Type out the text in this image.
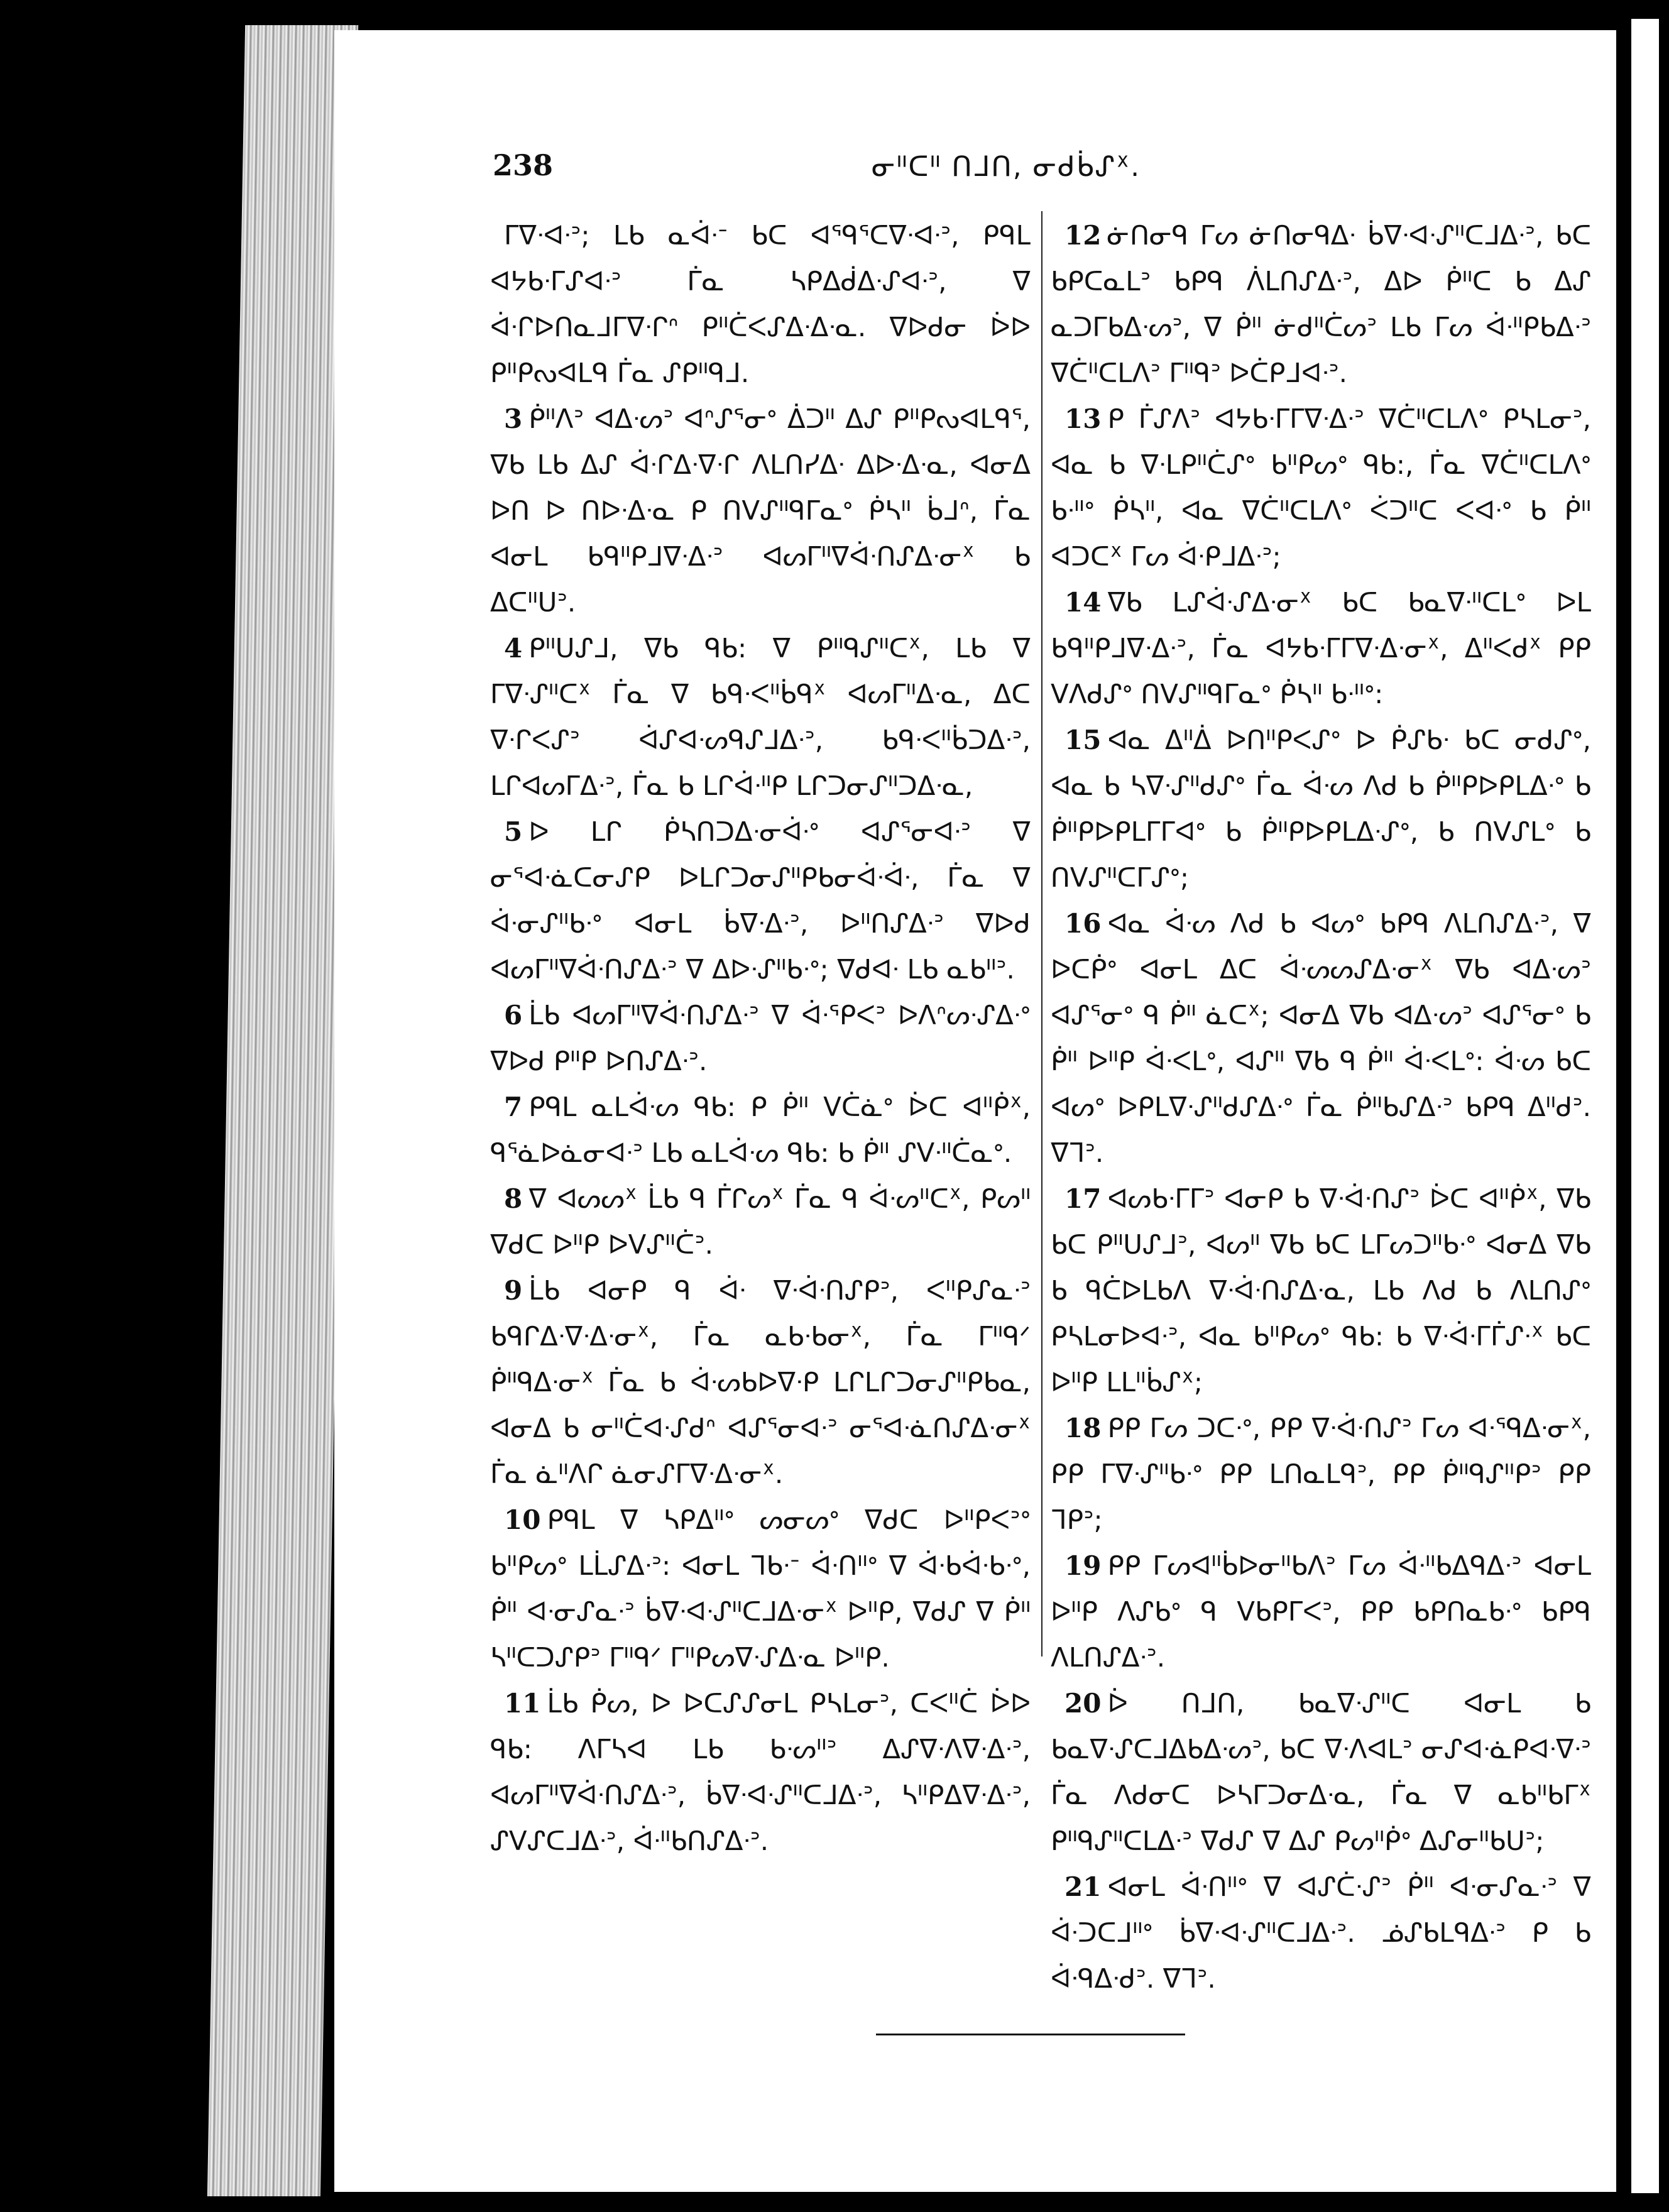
238	ᓂᐦᑕᐦ ᑎᒧᑎ, ᓂᑯᑳᔑᕽ.

ᒥᐁᐧᐊᐧᐣ; ᒪᑲ ᓇᐋᐧᐨ ᑲᑕ ᐊᕐᑫᕐᑕᐁᐧᐊᐧᐣ, ᑭᑫᒪ ᐊᔭᑲᐧᒥᔑᐊᐧᐣ ᒦᓇ ᓴᑭᐃᑰᐃᐧᔑᐊᐧᐣ, ᐁ ᐋᐧᒋᐅᑎᓇᒧᒥᐁᐧᒋᐢ ᑭᐦᑖᐸᔑᐃᐧᐃᐧᓇ. ᐁᐅᑯᓂ ᐆᐅ ᑭᐦᑭᔓᐊᒪᑫ ᒦᓇ ᔑᑭᐦᑫᒧ.

3 ᑮᐦᐱᐣ ᐊᐃᐧᔕᐣ ᐊᐢᔑᕐᓂᐤ ᐄᑐᐦ ᐃᔑ ᑭᐦᑭᔓᐊᒪᑫᕐ, ᐁᑲ ᒪᑲ ᐃᔑ ᐋᐧᒋᐃᐧᐁᐧᒋ ᐱᒪᑎᓯᐃᐧ ᐃᐅᐧᐃᐧᓇ, ᐊᓂᐃ ᐅᑎ ᐅ ᑎᐅᐧᐃᐧᓇ ᑭ ᑎᐯᔑᐦᑫᒥᓇᐤ ᑮᓴᐦ ᑳᒧᐢ, ᒦᓇ ᐊᓂᒪ ᑲᑫᐦᑭᒧᐁᐧᐃᐧᐣ ᐊᔕᒥᐦᐁᐋᐧᑎᔑᐃᐧᓂᕽ ᑲ ᐃᑕᐦᑌᐣ.

4 ᑭᐦᑌᔑᒧ, ᐁᑲ ᑫᑲ: ᐁ ᑭᐦᑫᔑᐦᑕᕽ, ᒪᑲ ᐁ ᒥᐁᐧᔑᐦᑕᕽ ᒦᓇ ᐁ ᑲᑫᐧᐸᐦᑳᑫᕽ ᐊᔕᒥᐦᐃᐧᓇ, ᐃᑕ ᐁᐧᒋᐸᔑᐣ ᐋᔑᐊᐧᔕᑫᔑᒧᐃᐧᐣ, ᑲᑫᐧᐸᐦᑳᑐᐃᐧᐣ, ᒪᒋᐊᔕᒥᐃᐧᐣ, ᒦᓇ ᑲ ᒪᒋᐋᐧᐦᑭ ᒪᒋᑐᓂᔑᐦᑐᐃᐧᓇ,

5 ᐅ ᒪᒋ ᑮᓴᑎᑐᐃᐧᓂᐋᐧᐤ ᐊᔑᕐᓂᐊᐧᐣ ᐁ ᓂᕐᐊᐧᓈᑕᓂᔑᑭ ᐅᒪᒋᑐᓂᔑᐦᑭᑲᓂᐋᐧᐋᐧ, ᒦᓇ ᐁ ᐋᐧᓂᔑᐦᑲᐧᐤ ᐊᓂᒪ ᑳᐁᐧᐃᐧᐣ, ᐅᐦᑎᔑᐃᐧᐣ ᐁᐅᑯ ᐊᔕᒥᐦᐁᐋᐧᑎᔑᐃᐧᐣ ᐁ ᐃᐅᐧᔑᐦᑲᐧᐤ; ᐁᑯᐊᐧ ᒪᑲ ᓇᑲᐦᐣ.

6 ᒫᑲ ᐊᔕᒥᐦᐁᐋᐧᑎᔑᐃᐧᐣ ᐁ ᐋᐧᕐᑭᐸᐣ ᐅᐱᐢᔕᐧᔑᐃᐧᐤ ᐁᐅᑯ ᑭᐦᑭ ᐅᑎᔑᐃᐧᐣ.

7 ᑭᑫᒪ ᓇᒪᐋᐧᔕ ᑫᑲ: ᑭ ᑮᐦ ᐯᑖᓈᐤ ᐆᑕ ᐊᐦᑮᕽ, ᑫᕐᓈᐅᓈᓂᐊᐧᐣ ᒪᑲ ᓇᒪᐋᐧᔕ ᑫᑲ: ᑲ ᑮᐦ ᔑᐯᐧᐦᑖᓇᐤ.

8 ᐁ ᐊᔕᔕᕽ ᒫᑲ ᑫ ᒦᒋᔕᕽ ᒦᓇ ᑫ ᐋᐧᔕᐦᑕᕽ, ᑭᔕᐦ ᐁᑯᑕ ᐅᐦᑭ ᐅᐯᔑᐦᑖᐣ.

9 ᒫᑲ ᐊᓂᑭ ᑫ ᐋᐧ ᐁᐧᐋᐧᑎᔑᑭᐣ, ᐸᐦᑭᔑᓇᐧᐣ ᑲᑫᒋᐃᐧᐁᐧᐃᐧᓂᕽ, ᒦᓇ ᓇᑲᐧᑲᓂᕽ, ᒦᓇ ᒥᐦᑫᐟ ᑮᐦᑫᐃᐧᓂᕽ ᒦᓇ ᑲ ᐋᐧᔕᑲᐅᐁᐧᑭ ᒪᒋᒪᒋᑐᓂᔑᐦᑭᑲᓇ, ᐊᓂᐃ ᑲ ᓂᐦᑖᐊᐧᔑᑯᐢ ᐊᔑᕐᓂᐊᐧᐣ ᓂᕐᐊᐧᓈᑎᔑᐃᐧᓂᕽ ᒦᓇ ᓈᐦᐱᒋ ᓈᓂᔑᒥᐁᐧᐃᐧᓂᕽ.

10 ᑭᑫᒪ ᐁ ᓴᑭᐃᐦᐤ ᔕᓂᔕᐤ ᐁᑯᑕ ᐅᐦᑭᐸᐣᐤ ᑲᐦᑭᔕᐤ ᒪᒫᔑᐃᐧᐣ: ᐊᓂᒪ ᒣᑲᐧᐨ ᐋᐧᑎᐦᐤ ᐁ ᐋᐧᑲᐋᐧᑲᐧᐤ, ᑮᐦ ᐊᐧᓂᔑᓇᐧᐣ ᑳᐁᐧᐊᐧᔑᐦᑕᒧᐃᐧᓂᕽ ᐅᐦᑭ, ᐁᑯᔑ ᐁ ᑮᐦ ᓴᐦᑕᑐᔑᑭᐣ ᒥᐦᑫᐟ ᒥᐦᑭᔕᐁᐧᔑᐃᐧᓇ ᐅᐦᑭ.

11 ᒫᑲ ᑮᔕ, ᐅ ᐅᑕᔑᔑᓂᒪ ᑭᓴᒪᓂᐣ, ᑕᐸᐦᑖ ᐆᐅ ᑫᑲ: ᐱᒥᓴᐊ ᒪᑲ ᑲᐧᔕᐦᐣ ᐃᔑᐁᐧᐱᐁᐧᐃᐧᐣ, ᐊᔕᒥᐦᐁᐋᐧᑎᔑᐃᐧᐣ, ᑳᐁᐧᐊᐧᔑᐦᑕᒧᐃᐧᐣ, ᓴᐦᑭᐃᐁᐧᐃᐧᐣ, ᔑᐯᔑᑕᒧᐃᐧᐣ, ᐋᐧᐦᑲᑎᔑᐃᐧᐣ.

12 ᓃᑎᓂᑫ ᒥᔕ ᓃᑎᓂᑫᐃᐧ ᑳᐁᐧᐊᐧᔑᐦᑕᒧᐃᐧᐣ, ᑲᑕ ᑲᑭᑕᓇᒪᐣ ᑲᑭᑫ ᐲᒪᑎᔑᐃᐧᐣ, ᐃᐅ ᑮᐦᑕ ᑲ ᐃᔑ ᓇᑐᒥᑲᐃᐧᔕᐣ, ᐁ ᑮᐦ ᓃᑯᐦᑖᔕᐣ ᒪᑲ ᒥᔕ ᐋᐧᐦᑭᑲᐃᐧᐣ ᐁᑖᐦᑕᒪᐱᐣ ᒥᐦᑫᐣ ᐅᑖᑭᒧᐊᐧᐣ.

13 ᑭ ᒦᔑᐱᐣ ᐊᔭᑲᐧᒥᒥᐁᐧᐃᐧᐣ ᐁᑖᐦᑕᒪᐱᐤ ᑭᓴᒪᓂᐣ, ᐊᓇ ᑲ ᐁᐧᒪᑭᐦᑖᔑᐤ ᑲᐦᑭᔕᐤ ᑫᑲ:, ᒦᓇ ᐁᑖᐦᑕᒪᐱᐤ ᑲᐧᐦᐤ ᑮᓴᐦ, ᐊᓇ ᐁᑖᐦᑕᒪᐱᐤ ᐹᑐᐦᑕ ᐸᐊᐧᐤ ᑲ ᑮᐦ ᐊᑐᑕᕽ ᒥᔕ ᐋᐧᑭᒧᐃᐧᐣ;

14 ᐁᑲ ᒪᔑᐋᐧᔑᐃᐧᓂᕽ ᑲᑕ ᑲᓇᐁᐧᐦᑕᒪᐤ ᐅᒪ ᑲᑫᐦᑭᒧᐁᐧᐃᐧᐣ, ᒦᓇ ᐊᔭᑲᐧᒥᒥᐁᐧᐃᐧᓂᕽ, ᐃᐦᐸᑯᕽ ᑭᑭ ᐯᐱᑯᔑᐤ ᑎᐯᔑᐦᑫᒥᓇᐤ ᑮᓴᐦ ᑲᐧᐦᐤ:

15 ᐊᓇ ᐃᐦᐄ ᐅᑎᐦᑭᐸᔑᐤ ᐅ ᑮᔑᑲᐧ ᑲᑕ ᓂᑯᔑᐤ, ᐊᓇ ᑲ ᓴᐁᐧᔑᐦᑯᔑᐤ ᒦᓇ ᐋᐧᔕ ᐱᑯ ᑲ ᑮᐦᑭᐅᑭᒪᐃᐧᐤ ᑲ ᑮᐦᑭᐅᑭᒪᒥᒥᐊᐤ ᑲ ᑮᐦᑭᐅᑭᒪᐃᐧᔑᐤ, ᑲ ᑎᐯᔑᒪᐤ ᑲ ᑎᐯᔑᐦᑕᒥᔑᐤ;

16 ᐊᓇ ᐋᐧᔕ ᐱᑯ ᑲ ᐊᔕᐤ ᑲᑭᑫ ᐱᒪᑎᔑᐃᐧᐣ, ᐁ ᐅᑕᑮᐤ ᐊᓂᒪ ᐃᑕ ᐋᐧᔕᔕᔑᐃᐧᓂᕽ ᐁᑲ ᐊᐃᐧᔕᐣ ᐊᔑᕐᓂᐤ ᑫ ᑮᐦ ᓈᑕᕽ; ᐊᓂᐃ ᐁᑲ ᐊᐃᐧᔕᐣ ᐊᔑᕐᓂᐤ ᑲ ᑮᐦ ᐅᐦᑭ ᐋᐧᐸᒪᐤ, ᐊᔑᐦ ᐁᑲ ᑫ ᑮᐦ ᐋᐧᐸᒪᐤ: ᐋᐧᔕ ᑲᑕ ᐊᔕᐤ ᐅᑭᒪᐁᐧᔑᐦᑯᔑᐃᐧᐤ ᒦᓇ ᑮᐦᑲᔑᐃᐧᐣ ᑲᑭᑫ ᐃᐦᑯᐣ. ᐁᒣᐣ.

17 ᐊᔕᑲᐧᒥᒥᐣ ᐊᓂᑭ ᑲ ᐁᐧᐋᐧᑎᔑᐣ ᐆᑕ ᐊᐦᑮᕽ, ᐁᑲ ᑲᑕ ᑭᐦᑌᔑᒧᐣ, ᐊᔕᐦ ᐁᑲ ᑲᑕ ᒪᒥᔕᑐᐦᑲᐧᐤ ᐊᓂᐃ ᐁᑲ ᑲ ᑫᑖᐅᒪᑲᐱ ᐁᐧᐋᐧᑎᔑᐃᐧᓇ, ᒪᑲ ᐱᑯ ᑲ ᐱᒪᑎᔑᐤ ᑭᓴᒪᓂᐅᐊᐧᐣ, ᐊᓇ ᑲᐦᑭᔕᐤ ᑫᑲ: ᑲ ᐁᐧᐋᐧᒥᒦᔑᐧᕽ ᑲᑕ ᐅᐦᑭ ᒪᒪᐦᑳᔑᕽ;

18 ᑭᑭ ᒥᔕ ᑐᑕᐧᐤ, ᑭᑭ ᐁᐧᐋᐧᑎᔑᐣ ᒥᔕ ᐊᐧᕐᑫᐃᐧᓂᕽ, ᑭᑭ ᒥᐁᐧᔑᐦᑲᐧᐤ ᑭᑭ ᒪᑎᓇᒪᑫᐣ, ᑭᑭ ᑮᐦᑫᔑᐦᑭᐣ ᑭᑭ ᒣᑭᐣ;

19 ᑭᑭ ᒥᔕᐊᐦᑳᐅᓂᐦᑲᐱᐣ ᒥᔕ ᐋᐧᐦᑲᐃᑫᐃᐧᐣ ᐊᓂᒪ ᐅᐦᑭ ᐱᔑᑲᐤ ᑫ ᐯᑲᑭᒥᐸᐣ, ᑭᑭ ᑲᑭᑎᓇᑲᐧᐤ ᑲᑭᑫ ᐱᒪᑎᔑᐃᐧᐣ.

20 ᐆ ᑎᒧᑎ, ᑲᓇᐁᐧᔑᐦᑕ ᐊᓂᒪ ᑲ ᑲᓇᐁᐧᔑᑕᒧᐃᑲᐃᐧᔕᐣ, ᑲᑕ ᐁᐧᐱᐊᒪᐣ ᓂᔑᐊᐧᓈᑭᐊᐧᐁᐧᐣ ᒦᓇ ᐱᑯᓂᑕ ᐅᓴᒥᑐᓂᐃᐧᓇ, ᒦᓇ ᐁ ᓇᑲᐦᑲᒥᕽ ᑭᐦᑫᔑᐦᑕᒪᐃᐧᐣ ᐁᑯᔑ ᐁ ᐃᔑ ᑭᔕᐦᑮᐤ ᐃᔑᓂᐦᑲᑌᐣ;

21 ᐊᓂᒪ ᐋᐧᑎᐦᐤ ᐁ ᐊᔑᑖᐧᔑᐣ ᑮᐦ ᐊᐧᓂᔑᓇᐧᐣ ᐁ ᐋᐧᑐᑕᒧᐦᐤ ᑳᐁᐧᐊᐧᔑᐦᑕᒧᐃᐧᐣ. ᓅᔑᑲᒪᑫᐃᐧᐣ ᑭ ᑲ ᐋᐧᑫᐃᐧᑯᐣ. ᐁᒣᐣ.
